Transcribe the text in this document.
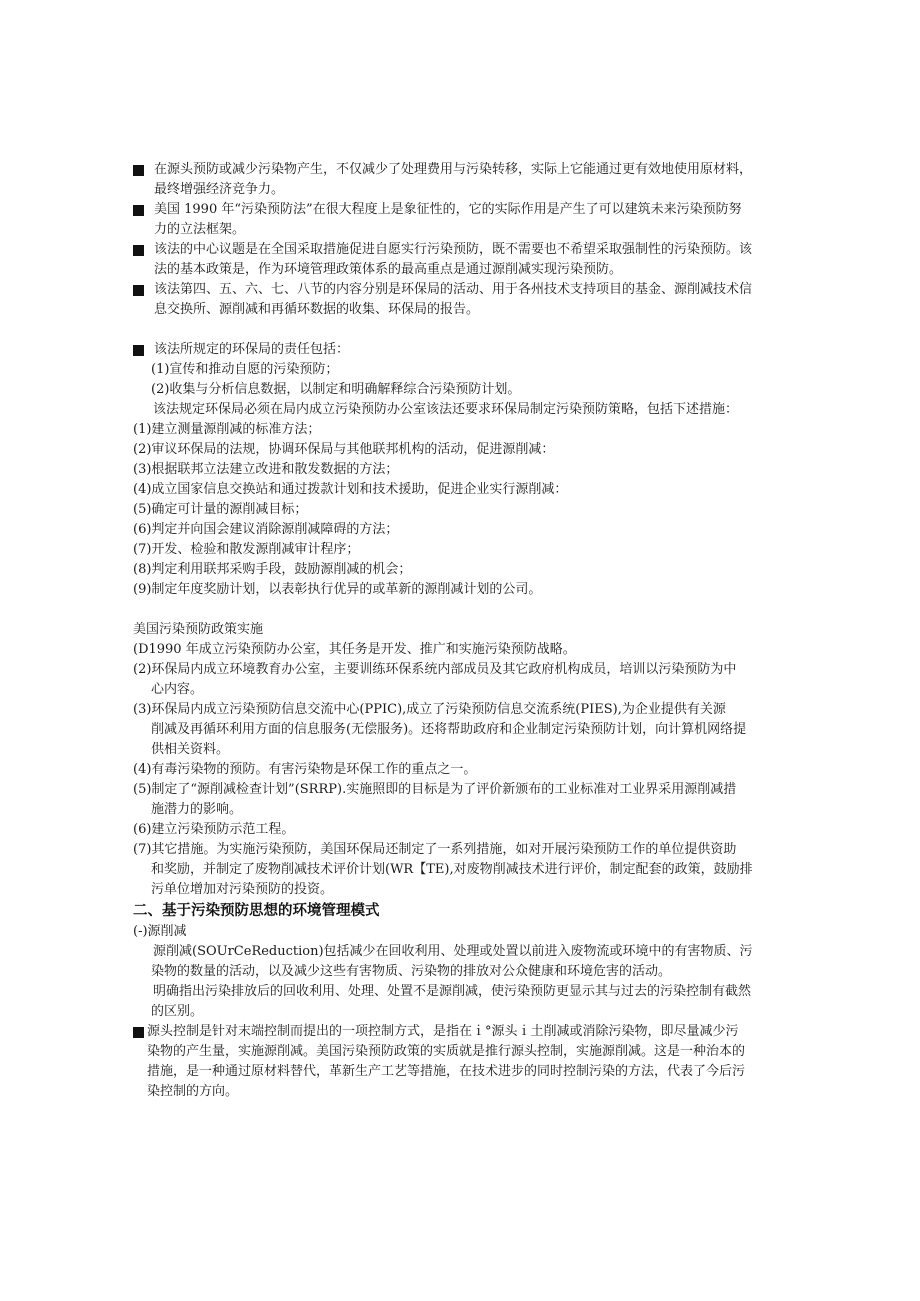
在源头预防或减少污染物产生，不仅减少了处理费用与污染转移，实际上它能通过更有效地使用原材料，
最终增强经济竞争力。
美国 1990 年“污染预防法”在很大程度上是象征性的，它的实际作用是产生了可以建筑未来污染预防努
力的立法框架。
该法的中心议题是在全国采取措施促进自愿实行污染预防，既不需要也不希望采取强制性的污染预防。该
法的基本政策是，作为环境管理政策体系的最高重点是通过源削减实现污染预防。
该法第四、五、六、七、八节的内容分别是环保局的活动、用于各州技术支持项目的基金、源削减技术信
息交换所、源削减和再循环数据的收集、环保局的报告。
该法所规定的环保局的责任包括：
(1)宣传和推动自愿的污染预防；
(2)收集与分析信息数据，以制定和明确解释综合污染预防计划。
该法规定环保局必须在局内成立污染预防办公室该法还要求环保局制定污染预防策略，包括下述措施：
(1)建立测量源削减的标准方法；
(2)审议环保局的法规，协调环保局与其他联邦机构的活动，促进源削减：
(3)根据联邦立法建立改进和散发数据的方法；
(4)成立国家信息交换站和通过拨款计划和技术援助，促进企业实行源削减：
(5)确定可计量的源削减目标；
(6)判定并向国会建议消除源削减障碍的方法；
(7)开发、检验和散发源削减审计程序；
(8)判定利用联邦采购手段，鼓励源削减的机会；
(9)制定年度奖励计划，以表彰执行优异的或革新的源削减计划的公司。
美国污染预防政策实施
(D1990 年成立污染预防办公室，其任务是开发、推广和实施污染预防战略。
(2)环保局内成立环境教育办公室，主要训练环保系统内部成员及其它政府机构成员，培训以污染预防为中
心内容。
(3)环保局内成立污染预防信息交流中心(PPIC),成立了污染预防信息交流系统(PIES),为企业提供有关源
削减及再循环利用方面的信息服务(无偿服务)。还将帮助政府和企业制定污染预防计划，向计算机网络提
供相关资料。
(4)有毒污染物的预防。有害污染物是环保工作的重点之一。
(5)制定了“源削减检查计划”(SRRP).实施照即的目标是为了评价新颁布的工业标准对工业界采用源削减措
施潜力的影响。
(6)建立污染预防示范工程。
(7)其它措施。为实施污染预防，美国环保局还制定了一系列措施，如对开展污染预防工作的单位提供资助
和奖励，并制定了废物削减技术评价计划(WR【TE),对废物削减技术进行评价，制定配套的政策，鼓励排
污单位增加对污染预防的投资。
二、基于污染预防思想的环境管理模式
(-)源削减
源削减(SOUrCeReduction)包括减少在回收利用、处理或处置以前进入废物流或环境中的有害物质、污
染物的数量的活动，以及减少这些有害物质、污染物的排放对公众健康和环境危害的活动。
明确指出污染排放后的回收利用、处理、处置不是源削减，使污染预防更显示其与过去的污染控制有截然
的区别。
源头控制是针对末端控制而提出的一项控制方式，是指在ｉ°源头ｉ土削减或消除污染物，即尽量减少污
染物的产生量，实施源削减。美国污染预防政策的实质就是推行源头控制，实施源削减。这是一种治本的
措施，是一种通过原材料替代，革新生产工艺等措施，在技术进步的同时控制污染的方法，代表了今后污
染控制的方向。
